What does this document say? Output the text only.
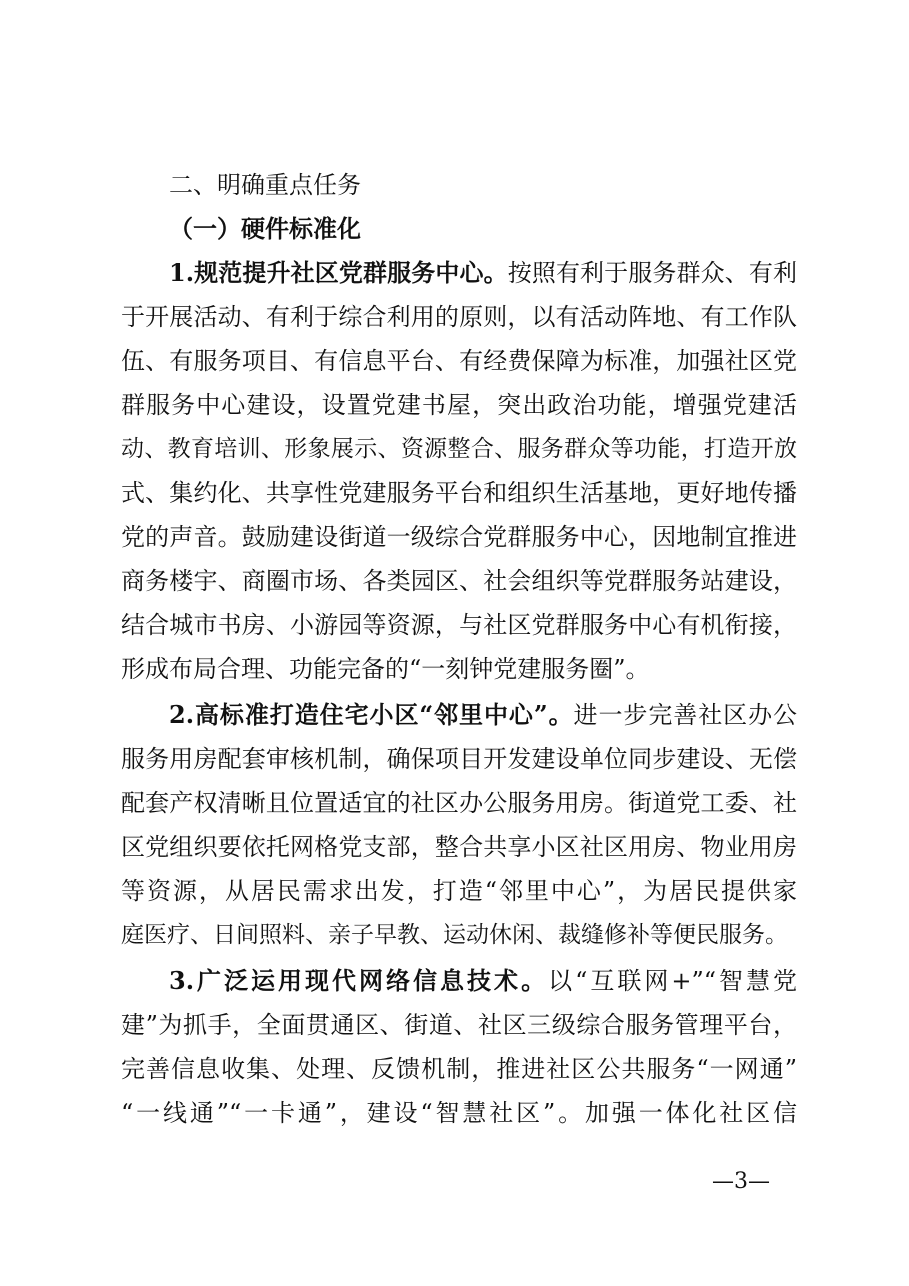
二、明确重点任务
（一）硬件标准化
1.规范提升社区党群服务中心。按照有利于服务群众、有利
于开展活动、有利于综合利用的原则，以有活动阵地、有工作队
伍、有服务项目、有信息平台、有经费保障为标准，加强社区党
群服务中心建设，设置党建书屋，突出政治功能，增强党建活
动、教育培训、形象展示、资源整合、服务群众等功能，打造开放
式、集约化、共享性党建服务平台和组织生活基地，更好地传播
党的声音。鼓励建设街道一级综合党群服务中心，因地制宜推进
商务楼宇、商圈市场、各类园区、社会组织等党群服务站建设，
结合城市书房、小游园等资源，与社区党群服务中心有机衔接，
形成布局合理、功能完备的“一刻钟党建服务圈”。
2.高标准打造住宅小区“邻里中心”。进一步完善社区办公
服务用房配套审核机制，确保项目开发建设单位同步建设、无偿
配套产权清晰且位置适宜的社区办公服务用房。街道党工委、社
区党组织要依托网格党支部，整合共享小区社区用房、物业用房
等资源，从居民需求出发，打造“邻里中心”，为居民提供家
庭医疗、日间照料、亲子早教、运动休闲、裁缝修补等便民服务。
3.广泛运用现代网络信息技术。以“互联网+”“智慧党
建”为抓手，全面贯通区、街道、社区三级综合服务管理平台，
完善信息收集、处理、反馈机制，推进社区公共服务“一网通”
“一线通”“一卡通”，建设“智慧社区”。加强一体化社区信
—3—
